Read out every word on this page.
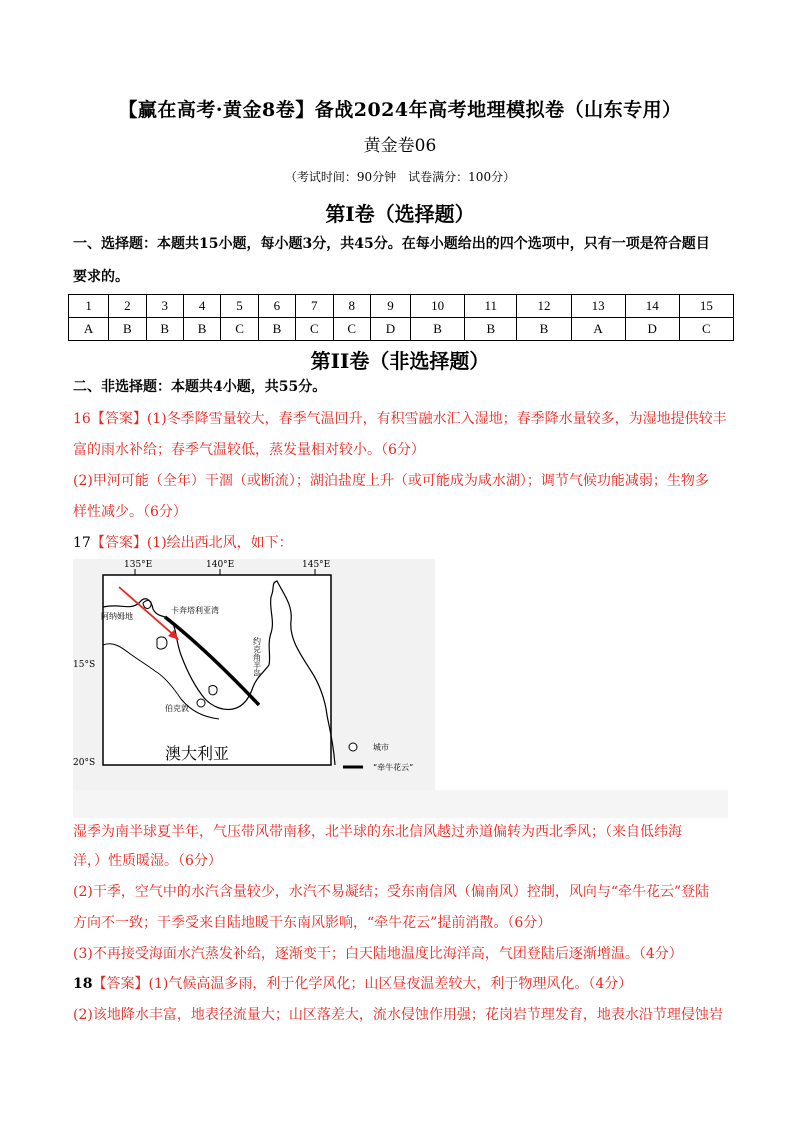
【赢在高考·黄金8卷】备战2024年高考地理模拟卷（山东专用）
黄金卷06
（考试时间：90分钟　试卷满分：100分）
第I卷（选择题）
一、选择题：本题共15小题，每小题3分，共45分。在每小题给出的四个选项中，只有一项是符合题目
要求的。
1	2	3	4	5	6	7	8	9	10	11	12	13	14	15
A	B	B	B	C	B	C	C	D	B	B	B	A	D	C
第II卷（非选择题）
二、非选择题：本题共4小题，共55分。
16【答案】(1)冬季降雪量较大，春季气温回升，有积雪融水汇入湿地；春季降水量较多，为湿地提供较丰
富的雨水补给；春季气温较低，蒸发量相对较小。（6分）
(2)甲河可能（全年）干涸（或断流）；湖泊盐度上升（或可能成为咸水湖）；调节气候功能减弱；生物多
样性减少。（6分）
17【答案】(1)绘出西北风，如下：
135°E	140°E	145°E
15°S
20°S
阿纳姆地
卡奔塔利亚湾
约克角半岛
伯克敦
澳大利亚	城市
“牵牛花云”
湿季为南半球夏半年，气压带风带南移，北半球的东北信风越过赤道偏转为西北季风；（来自低纬海
洋，）性质暖湿。（6分）
(2)干季，空气中的水汽含量较少，水汽不易凝结；受东南信风（偏南风）控制，风向与“牵牛花云”登陆
方向不一致；干季受来自陆地暖干东南风影响，“牵牛花云”提前消散。（6分）
(3)不再接受海面水汽蒸发补给，逐渐变干；白天陆地温度比海洋高，气团登陆后逐渐增温。（4分）
18【答案】(1)气候高温多雨，利于化学风化；山区昼夜温差较大，利于物理风化。（4分）
(2)该地降水丰富，地表径流量大；山区落差大，流水侵蚀作用强；花岗岩节理发育，地表水沿节理侵蚀岩
